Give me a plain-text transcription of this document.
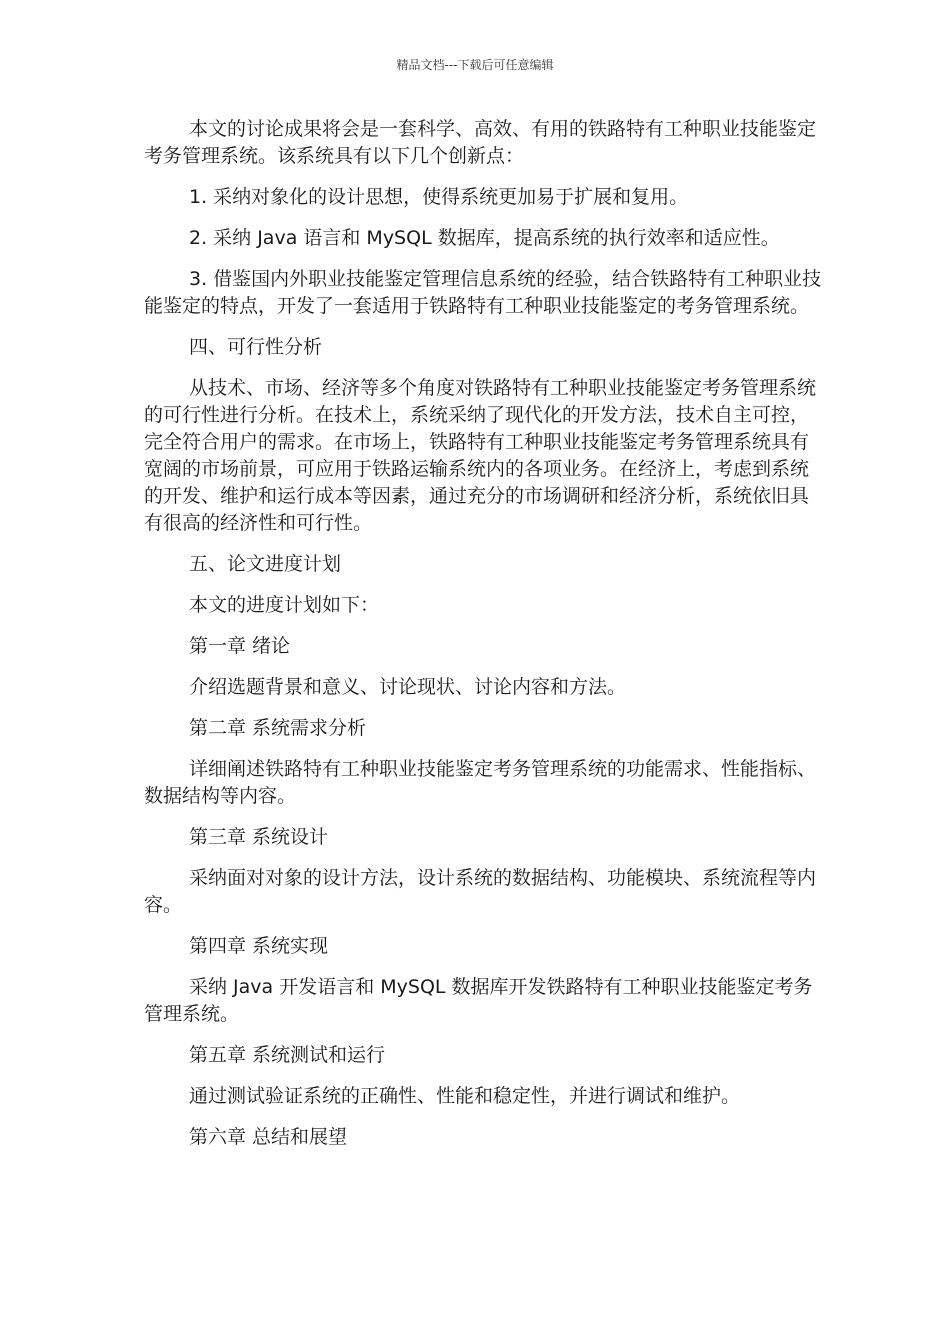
精品文档---下载后可任意编辑

本文的讨论成果将会是一套科学、高效、有用的铁路特有工种职业技能鉴定考务管理系统。该系统具有以下几个创新点：

1. 采纳对象化的设计思想，使得系统更加易于扩展和复用。

2. 采纳 Java 语言和 MySQL 数据库，提高系统的执行效率和适应性。

3. 借鉴国内外职业技能鉴定管理信息系统的经验，结合铁路特有工种职业技能鉴定的特点，开发了一套适用于铁路特有工种职业技能鉴定的考务管理系统。

四、可行性分析

从技术、市场、经济等多个角度对铁路特有工种职业技能鉴定考务管理系统的可行性进行分析。在技术上，系统采纳了现代化的开发方法，技术自主可控，完全符合用户的需求。在市场上，铁路特有工种职业技能鉴定考务管理系统具有宽阔的市场前景，可应用于铁路运输系统内的各项业务。在经济上，考虑到系统的开发、维护和运行成本等因素，通过充分的市场调研和经济分析，系统依旧具有很高的经济性和可行性。

五、论文进度计划

本文的进度计划如下：

第一章 绪论

介绍选题背景和意义、讨论现状、讨论内容和方法。

第二章 系统需求分析

详细阐述铁路特有工种职业技能鉴定考务管理系统的功能需求、性能指标、数据结构等内容。

第三章 系统设计

采纳面对对象的设计方法，设计系统的数据结构、功能模块、系统流程等内容。

第四章 系统实现

采纳 Java 开发语言和 MySQL 数据库开发铁路特有工种职业技能鉴定考务管理系统。

第五章 系统测试和运行

通过测试验证系统的正确性、性能和稳定性，并进行调试和维护。

第六章 总结和展望
